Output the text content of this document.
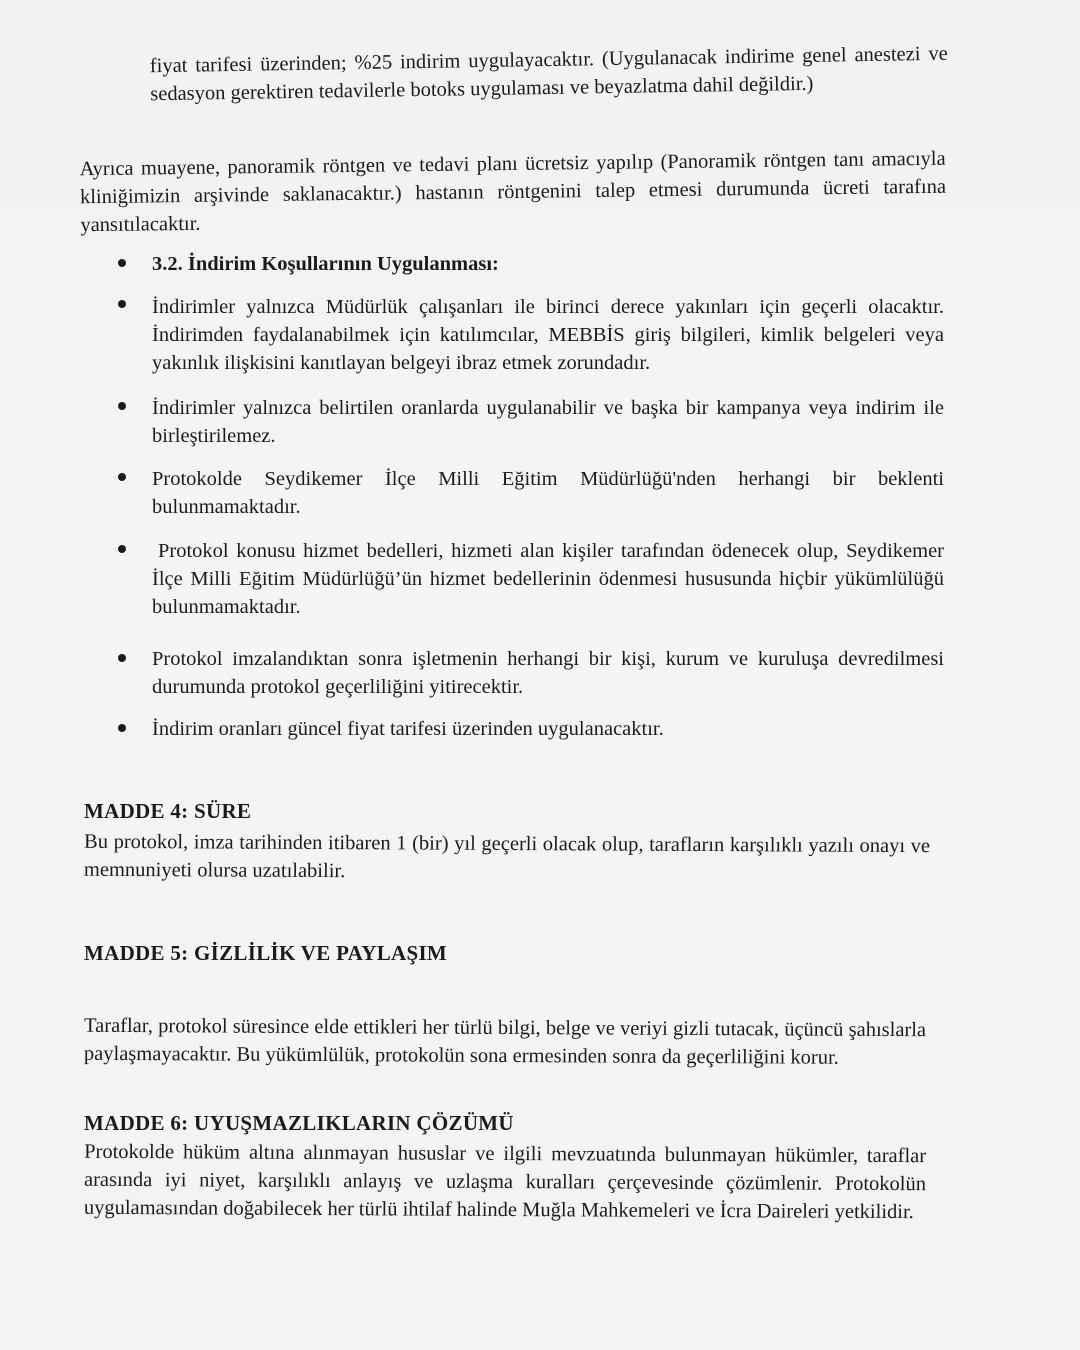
fiyat tarifesi üzerinden; %25 indirim uygulayacaktır. (Uygulanacak indirime genel anestezi ve sedasyon gerektiren tedavilerle botoks uygulaması ve beyazlatma dahil değildir.)

Ayrıca muayene, panoramik röntgen ve tedavi planı ücretsiz yapılıp (Panoramik röntgen tanı amacıyla kliniğimizin arşivinde saklanacaktır.) hastanın röntgenini talep etmesi durumunda ücreti tarafına yansıtılacaktır.

3.2. İndirim Koşullarının Uygulanması:

İndirimler yalnızca Müdürlük çalışanları ile birinci derece yakınları için geçerli olacaktır. İndirimden faydalanabilmek için katılımcılar, MEBBİS giriş bilgileri, kimlik belgeleri veya yakınlık ilişkisini kanıtlayan belgeyi ibraz etmek zorundadır.

İndirimler yalnızca belirtilen oranlarda uygulanabilir ve başka bir kampanya veya indirim ile birleştirilemez.

Protokolde Seydikemer İlçe Milli Eğitim Müdürlüğü'nden herhangi bir beklenti bulunmamaktadır.

Protokol konusu hizmet bedelleri, hizmeti alan kişiler tarafından ödenecek olup, Seydikemer İlçe Milli Eğitim Müdürlüğü’ün hizmet bedellerinin ödenmesi hususunda hiçbir yükümlülüğü bulunmamaktadır.

Protokol imzalandıktan sonra işletmenin herhangi bir kişi, kurum ve kuruluşa devredilmesi durumunda protokol geçerliliğini yitirecektir.

İndirim oranları güncel fiyat tarifesi üzerinden uygulanacaktır.

MADDE 4: SÜRE

Bu protokol, imza tarihinden itibaren 1 (bir) yıl geçerli olacak olup, tarafların karşılıklı yazılı onayı ve memnuniyeti olursa uzatılabilir.

MADDE 5: GİZLİLİK VE PAYLAŞIM

Taraflar, protokol süresince elde ettikleri her türlü bilgi, belge ve veriyi gizli tutacak, üçüncü şahıslarla paylaşmayacaktır. Bu yükümlülük, protokolün sona ermesinden sonra da geçerliliğini korur.

MADDE 6: UYUŞMAZLIKLARIN ÇÖZÜMÜ

Protokolde hüküm altına alınmayan hususlar ve ilgili mevzuatında bulunmayan hükümler, taraflar arasında iyi niyet, karşılıklı anlayış ve uzlaşma kuralları çerçevesinde çözümlenir. Protokolün uygulamasından doğabilecek her türlü ihtilaf halinde Muğla Mahkemeleri ve İcra Daireleri yetkilidir.
